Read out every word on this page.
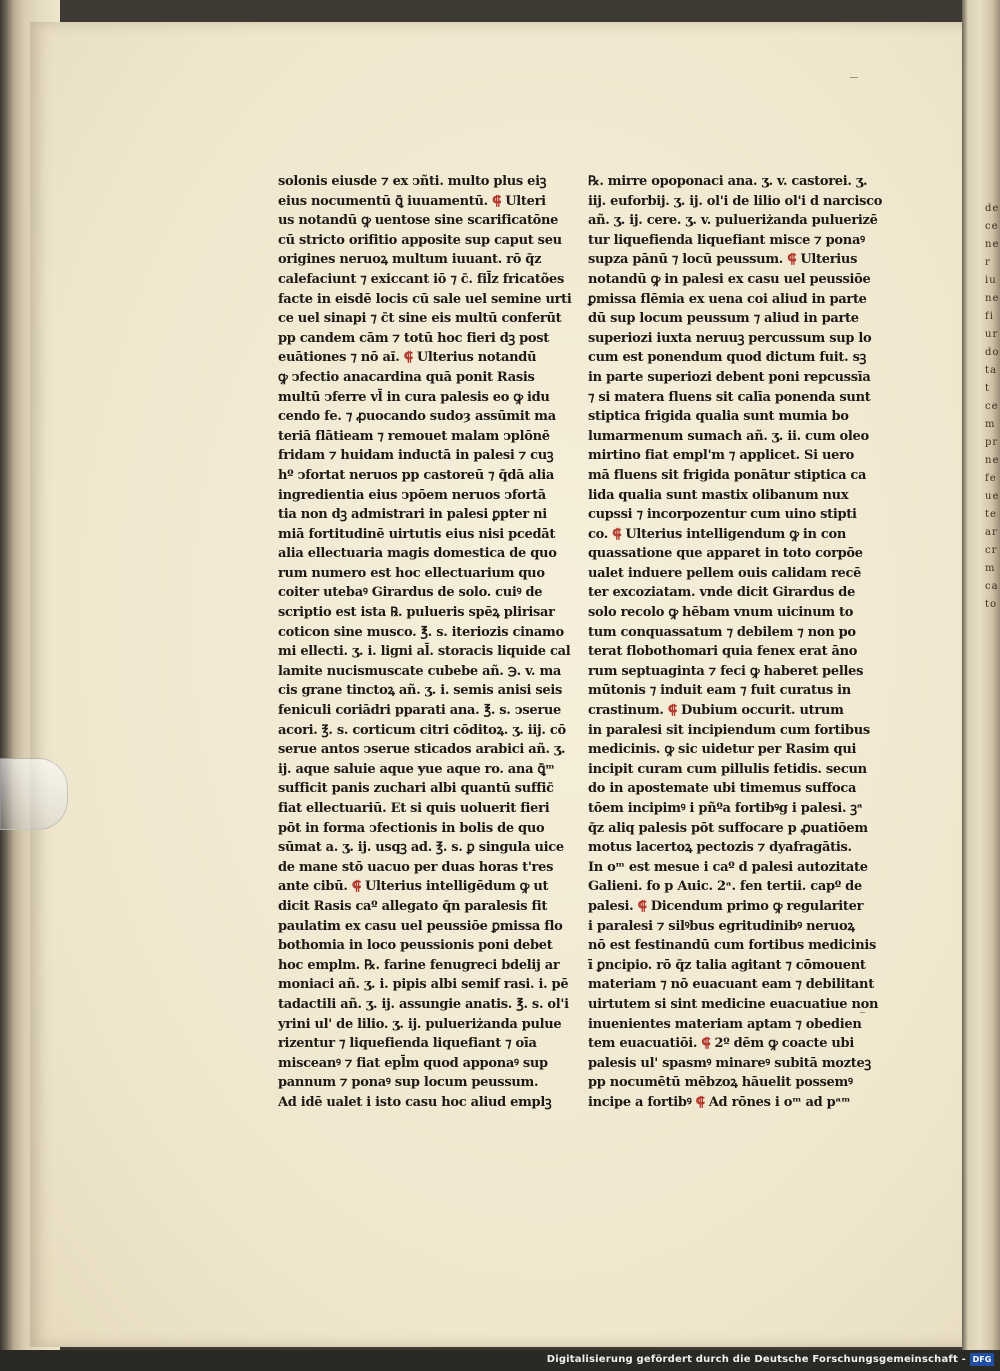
de ce ne r iu ne fi ur do ta t ce m pr ne fe ue te ar cr m ca to
solonis eiusde ⁊ ex ↄñti. multo plus eiꝫ
eius nocumentū ꝗ̄ iuuamentū. ⸿ Ulteri
us notandū ꝙ uentose sine scarificatōne
cū stricto orifitio apposite sup caput seu
origines neruoꝝ multum iuuant. rō q̄z
calefaciunt ⁊ exiccant iō ⁊ c̄. fil̄z fricatões
facte in eisdē locis cū sale uel semine urti
ce uel sinapi ⁊ c̄t sine eis multū conferūt
pp candem cām ⁊ totū hoc fieri dꝫ post
euātiones ⁊ nō aı̄. ⸿ Ulterius notandū
ꝙ ↄfectio anacardina quā ponit Rasis
multū ↄferre vl̄ in cura palesis eo ꝙ idu
cendo fe. ⁊ ꝓuocando sudoȝ assūmit ma
teriā flātieam ⁊ remouet malam ↄplōnē
fridam ⁊ huidam inductā in palesi ⁊ cuꝫ
hº ↄfortat neruos pp castoreū ⁊ q̄dā alia
ingredientia eius ↄpōem neruos ↄfortā
tia non dꝫ admistrari in palesi ꝑpter ni
miā fortitudinē uirtutis eius nisi pcedāt
alia ellectuaria magis domestica de quo
rum numero est hoc ellectuarium quo
coiter utebaꝰ Girardus de solo. cuiꝰ de
scriptio est ista ℞. pulueris spēꝝ plirisar
coticon sine musco. ℥. s. iteriozis cinamo
mi ellecti. ʒ. i. ligni al̄. storacis liquide cal
lamite nucismuscate cubebe añ. ℈. v. ma
cis grane tinctoꝝ añ. ʒ. i. semis anisi seis
feniculi coriādri pparati ana. ℥. s. ↄserue
acori. ℥. s. corticum citri cōditoꝝ. ʒ. iij. cō
serue antos ↄserue sticados arabici añ. ʒ.
ij. aque saluie aque ɏue aque ro. ana ꝗ̄ᵐ
sufficit panis zuchari albi quantū suffic̄
fiat ellectuariū. Et si quis uoluerit fieri
pōt in forma ↄfectionis in bolis de quo
sūmat a. ʒ. ij. usqꝫ ad. ℥. s. ꝑ singula uice
de mane stō uacuo per duas horas t'res
ante cibū. ⸿ Ulterius intelligēdum ꝙ ut
dicit Rasis caº allegato q̄n paralesis fit
paulatim ex casu uel peussiōe ꝑmissa flo
bothomia in loco peussionis poni debet
hoc emplm. ℞. farine fenugreci bdelij ar
moniaci añ. ʒ. i. pipis albi semif rasi. i. pē
tadactili añ. ʒ. ij. assungie anatis. ℥. s. ol'i
yrini ul' de lilio. ʒ. ij. pulueriżanda pulue
rizentur ⁊ liquefienda liquefiant ⁊ oīa
misceanꝰ ⁊ fiat epl̄m quod apponaꝰ sup
pannum ⁊ ponaꝰ sup locum peussum.
Ad idē ualet i isto casu hoc aliud emplꝫ
℞. mirre opoponaci ana. ʒ. v. castorei. ʒ.
iij. euforbij. ʒ. ij. ol'i de lilio ol'i d narcisco
añ. ʒ. ij. cere. ʒ. v. pulueriżanda puluerizē
tur liquefienda liquefiant misce ⁊ ponaꝰ
supza pānū ⁊ locū peussum. ⸿ Ulterius
notandū ꝙ in palesi ex casu uel peussiōe
ꝑmissa flēmia ex uena coi aliud in parte
dū sup locum peussum ⁊ aliud in parte
superiozi iuxta neruuꝫ percussum sup lo
cum est ponendum quod dictum fuit. sꝫ
in parte superiozi debent poni repcussīa
⁊ si matera fluens sit calīa ponenda sunt
stiptica frigida qualia sunt mumia bo
lumarmenum sumach añ. ʒ. ii. cum oleo
mirtino fiat empl'm ⁊ applicet. Si uero
mā fluens sit frigida ponātur stiptica ca
lida qualia sunt mastix olibanum nux
cupssi ⁊ incorpozentur cum uino stipti
co. ⸿ Ulterius intelligendum ꝙ in con
quassatione que apparet in toto corpōe
ualet induere pellem ouis calidam recē
ter excoziatam. vnde dicit Girardus de
solo recolo ꝙ hēbam vnum uicinum to
tum conquassatum ⁊ debilem ⁊ non po
terat flobothomari quia fenex erat āno
rum septuaginta ⁊ feci ꝙ haberet pelles
mūtonis ⁊ induit eam ⁊ fuit curatus in
crastinum. ⸿ Dubium occurit. utrum
in paralesi sit incipiendum cum fortibus
medicinis. ꝙ sic uidetur per Rasim qui
incipit curam cum pillulis fetidis. secun
do in apostemate ubi timemus suffoca
tōem incipimꝰ i pñºa fortibꝰg i palesi. ꝫᵃ
q̄z aliq palesis pōt suffocare p ꝓuatiōem
motus lacertoꝝ pectozis ⁊ dyafragātis.
In oᵐ est mesue i caº d palesi autozitate
Galieni. fo p Auic. 2ᵃ. fen tertii. capº de
palesi. ⸿ Dicendum primo ꝙ regulariter
i paralesi ⁊ silꝰbus egritudinibꝰ neruoꝝ
nō est festinandū cum fortibus medicinis
ī ꝑncipio. rō q̄z talia agitant ⁊ cōmouent
materiam ⁊ nō euacuant eam ⁊ debilitant
uirtutem si sint medicine euacuatiue non
inuenientes materiam aptam ⁊ obedien
tem euacuatiōi. ⸿ 2º dēm ꝙ coacte ubi
palesis ul' spasmꝰ minareꝰ subitā mozteꝫ
pp nocumētū mēbzoꝝ hāuelit possemꝰ
incipe a fortibꝰ ⸿ Ad rōnes i oᵐ ad pᵃᵐ
Digitalisierung gefördert durch die Deutsche Forschungsgemeinschaft - DFG
